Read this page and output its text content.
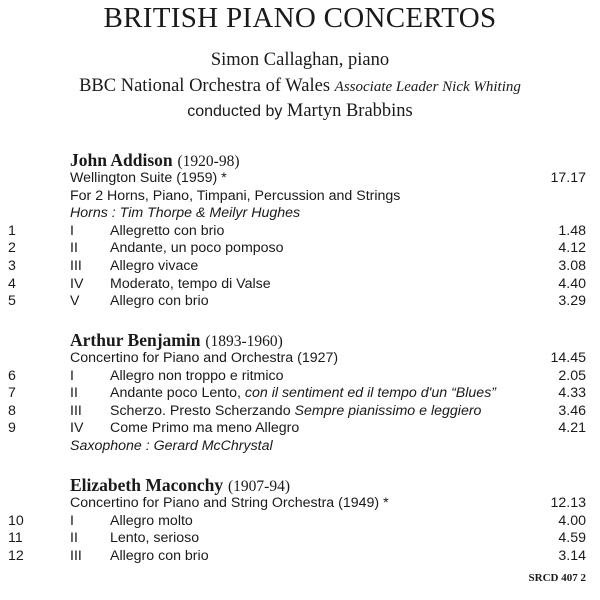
BRITISH PIANO CONCERTOS
Simon Callaghan, piano
BBC National Orchestra of Wales Associate Leader Nick Whiting
conducted by Martyn Brabbins
John Addison (1920-98)
Wellington Suite (1959) *	17.17
For 2 Horns, Piano, Timpani, Percussion and Strings
Horns : Tim Thorpe & Meilyr Hughes
1	I	Allegretto con brio	1.48
2	II Andante, un poco pomposo	4.12
3	III Allegro vivace	3.08
4	IV Moderato, tempo di Valse	4.40
5	V Allegro con brio	3.29
Arthur Benjamin (1893-1960)
Concertino for Piano and Orchestra (1927)	14.45
6	I	Allegro non troppo e ritmico	2.05
7	II Andante poco Lento, con il sentiment ed il tempo d'un “Blues”	4.33
8	III Scherzo. Presto Scherzando Sempre pianissimo e leggiero	3.46
9	IV Come Primo ma meno Allegro	4.21
Saxophone : Gerard McChrystal
Elizabeth Maconchy (1907-94)
Concertino for Piano and String Orchestra (1949) *	12.13
10	I	Allegro molto	4.00
11	II Lento, serioso	4.59
12	III Allegro con brio	3.14
SRCD 407 2
